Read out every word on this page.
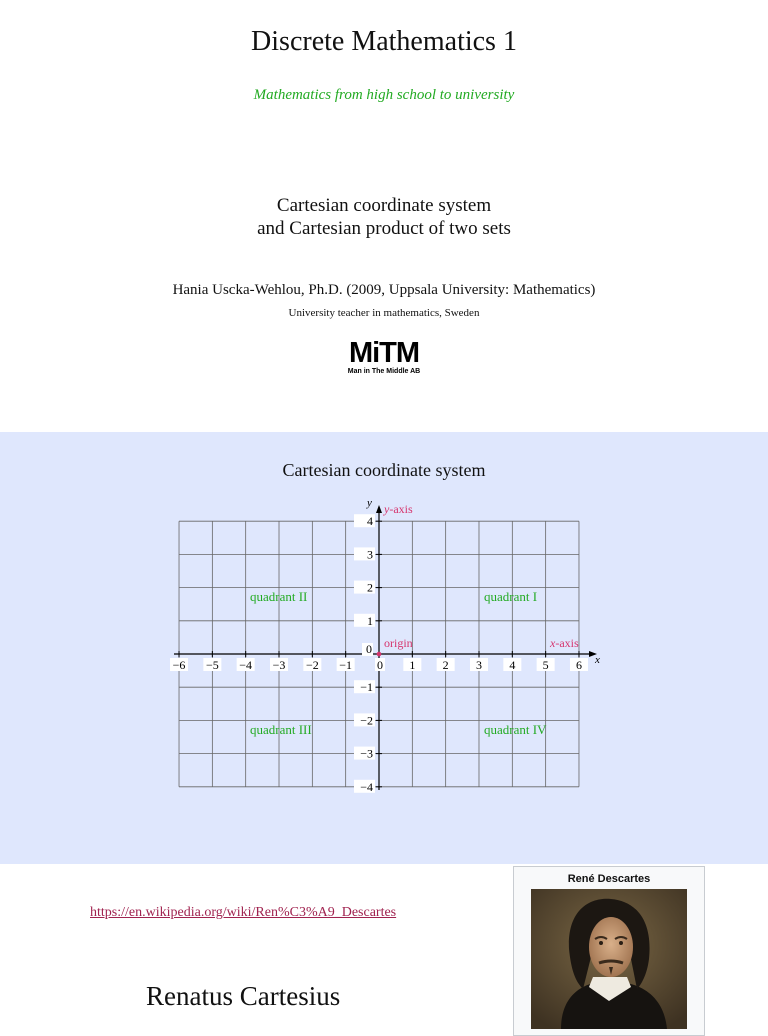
Discrete Mathematics 1
Mathematics from high school to university
Cartesian coordinate system
and Cartesian product of two sets
Hania Uscka-Wehlou, Ph.D. (2009, Uppsala University: Mathematics)
University teacher in mathematics, Sweden
MiTM
Man in The Middle AB
Cartesian coordinate system
−6 −5 −4 −3 −2 −1	1 2 3 4 5 6
0
4
3
2
1
−1
−2
−3
−4
0
x
y y-axis
x-axis
origin
quadrant II	quadrant I
quadrant III	quadrant IV
https://en.wikipedia.org/wiki/Ren%C3%A9_Descartes
Renatus Cartesius
René Descartes
